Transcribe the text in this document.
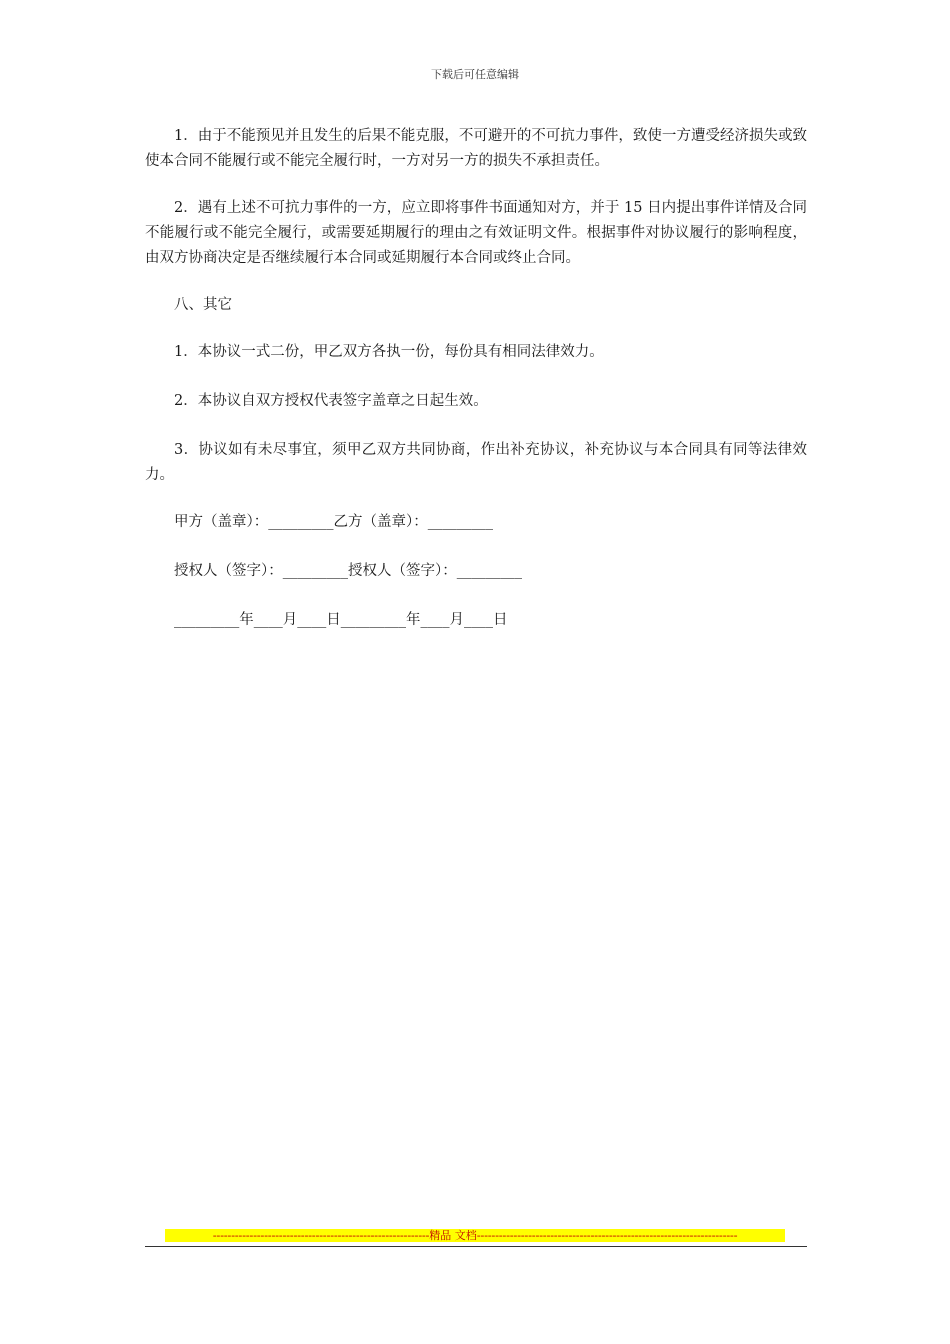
下载后可任意编辑

1．由于不能预见并且发生的后果不能克服，不可避开的不可抗力事件，致使一方遭受经济损失或致使本合同不能履行或不能完全履行时，一方对另一方的损失不承担责任。

2．遇有上述不可抗力事件的一方，应立即将事件书面通知对方，并于 15 日内提出事件详情及合同不能履行或不能完全履行，或需要延期履行的理由之有效证明文件。根据事件对协议履行的影响程度，由双方协商决定是否继续履行本合同或延期履行本合同或终止合同。

八、其它

1．本协议一式二份，甲乙双方各执一份，每份具有相同法律效力。

2．本协议自双方授权代表签字盖章之日起生效。

3．协议如有未尽事宜，须甲乙双方共同协商，作出补充协议，补充协议与本合同具有同等法律效力。

甲方（盖章）：_________乙方（盖章）：_________

授权人（签字）：_________授权人（签字）：_________

_________年____月____日_________年____月____日

-----------------------------------------------------------精品 文档-----------------------------------------------------------------------
